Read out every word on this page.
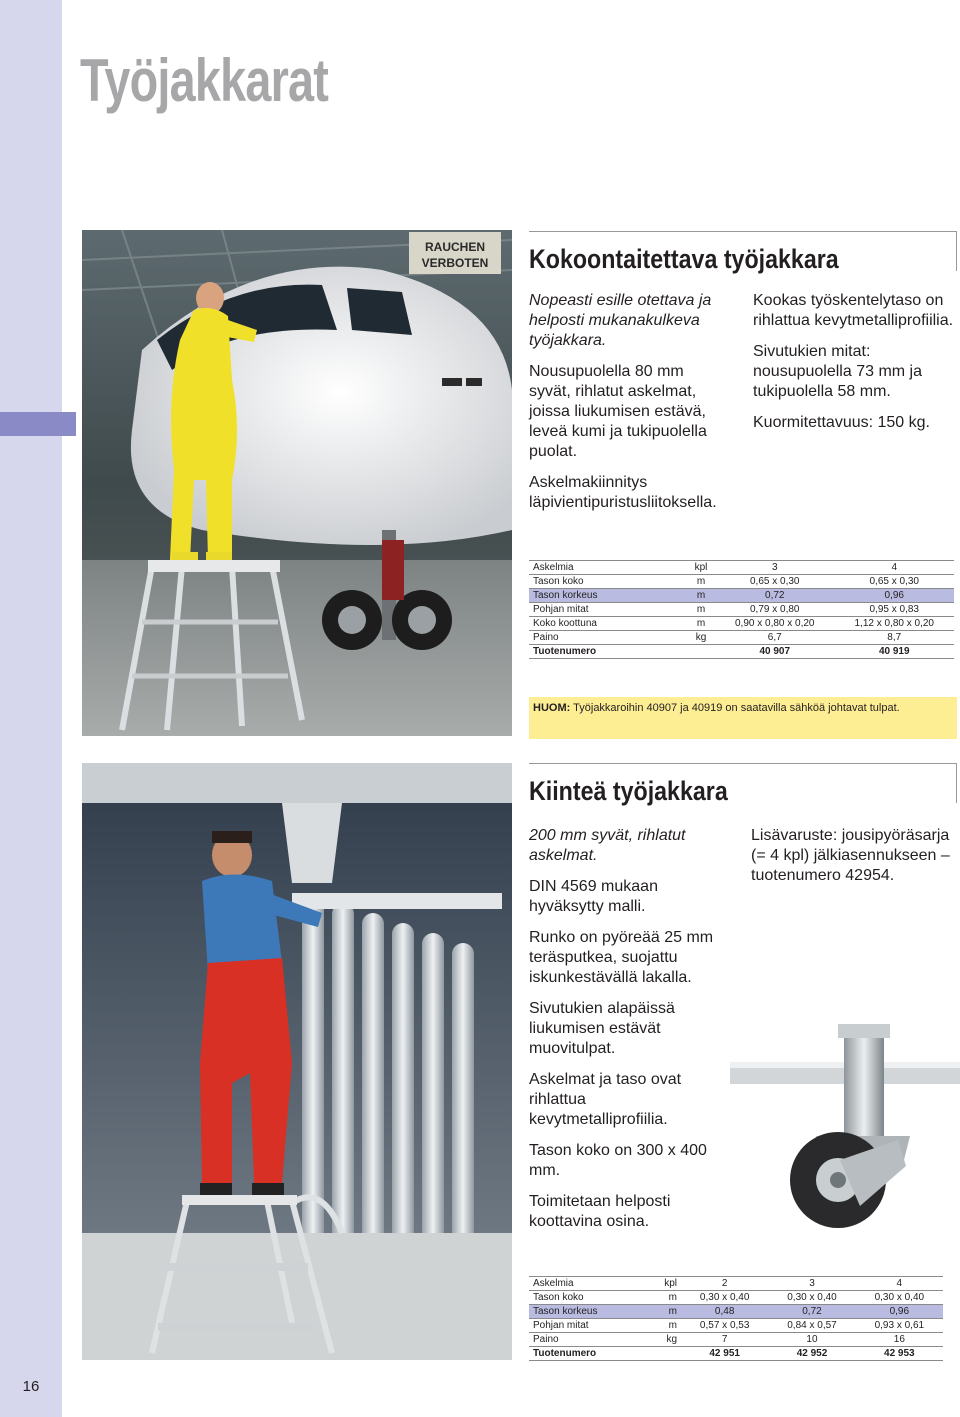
16
Työjakkarat
RAUCHEN
VERBOTEN Kokoontaitettava työjakkara

Nopeasti esille otettava ja helposti mukanakulkeva työjakkara.

Nousupuolella 80 mm syvät, rihlatut askelmat, joissa liukumisen estävä, leveä kumi ja tukipuolella puolat.

Askelmakiinnitys läpivientipuristusliitoksella.

Kookas työskentelytaso on rihlattua kevytmetalliprofiilia.

Sivutukien mitat: nousupuolella 73 mm ja tukipuolella 58 mm.

Kuormitettavuus: 150 kg.

Askelmia	kpl	3	4
Tason koko	m	0,65 x 0,30	0,65 x 0,30
Tason korkeus	m	0,72	0,96
Pohjan mitat	m	0,79 x 0,80	0,95 x 0,83
Koko koottuna	m	0,90 x 0,80 x 0,20	1,12 x 0,80 x 0,20
Paino	kg	6,7	8,7
Tuotenumero		40 907	40 919
HUOM: Työjakkaroihin 40907 ja 40919 on saatavilla sähköä johtavat tulpat.
Kiinteä työjakkara

200 mm syvät, rihlatut askelmat.

DIN 4569 mukaan hyväksytty malli.

Runko on pyöreää 25 mm teräsputkea, suojattu iskunkestävällä lakalla.

Sivutukien alapäissä liukumisen estävät muovitulpat.

Askelmat ja taso ovat rihlattua kevytmetalliprofiilia.

Tason koko on 300 x 400 mm.

Toimitetaan helposti koottavina osina.

Lisävaruste: jousipyöräsarja (= 4 kpl) jälkiasennukseen – tuotenumero 42954.

Askelmia	kpl	2	3	4
Tason koko	m	0,30 x 0,40	0,30 x 0,40	0,30 x 0,40
Tason korkeus	m	0,48	0,72	0,96
Pohjan mitat	m	0,57 x 0,53	0,84 x 0,57	0,93 x 0,61
Paino	kg	7	10	16
Tuotenumero		42 951	42 952	42 953
